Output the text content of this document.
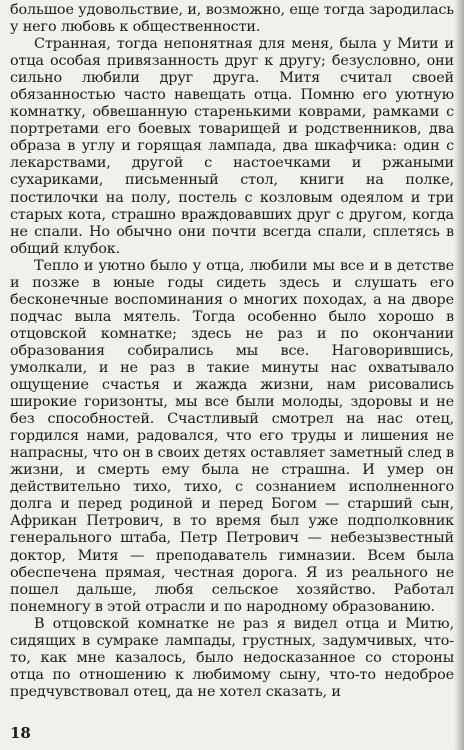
большое удовольствие, и, возможно, еще тогда зародилась у него любовь к общественности.

Странная, тогда непонятная для меня, была у Мити и отца особая привязанность друг к другу; безусловно, они сильно любили друг друга. Митя считал своей обязанностью часто навещать отца. Помню его уютную комнатку, обвешанную старенькими коврами, рамками с портретами его боевых товарищей и родственников, два образа в углу и горящая лампада, два шкафчика: один с лекарствами, другой с настоечками и ржаными сухариками, письменный стол, книги на полке, постилочки на полу, постель с козловым одеялом и три старых кота, страшно враждовавших друг с другом, когда не спали. Но обычно они почти всегда спали, сплетясь в общий клубок.

Тепло и уютно было у отца, любили мы все и в детстве и позже в юные годы сидеть здесь и слушать его бесконечные воспоминания о многих походах, а на дворе подчас выла мятель. Тогда особенно было хорошо в отцовской комнатке; здесь не раз и по окончании образования собирались мы все. Наговорившись, умолкали, и не раз в такие минуты нас охватывало ощущение счастья и жажда жизни, нам рисовались широкие горизонты, мы все были молоды, здоровы и не без способностей. Счастливый смотрел на нас отец, гордился нами, радовался, что его труды и лишения не напрасны, что он в своих детях оставляет заметный след в жизни, и смерть ему была не страшна. И умер он действительно тихо, тихо, с сознанием исполненного долга и перед родиной и перед Богом — старший сын, Африкан Петрович, в то время был уже подполковник генерального штаба, Петр Петрович — небезызвестный доктор, Митя — преподаватель гимназии. Всем была обеспечена прямая, честная дорога. Я из реального не пошел дальше, любя сельское хозяйство. Работал понемногу в этой отрасли и по народному образованию.

В отцовской комнатке не раз я видел отца и Митю, сидящих в сумраке лампады, грустных, задумчивых, что-то, как мне казалось, было недосказанное со стороны отца по отношению к любимому сыну, что-то недоброе предчувствовал отец, да не хотел сказать, и

18
